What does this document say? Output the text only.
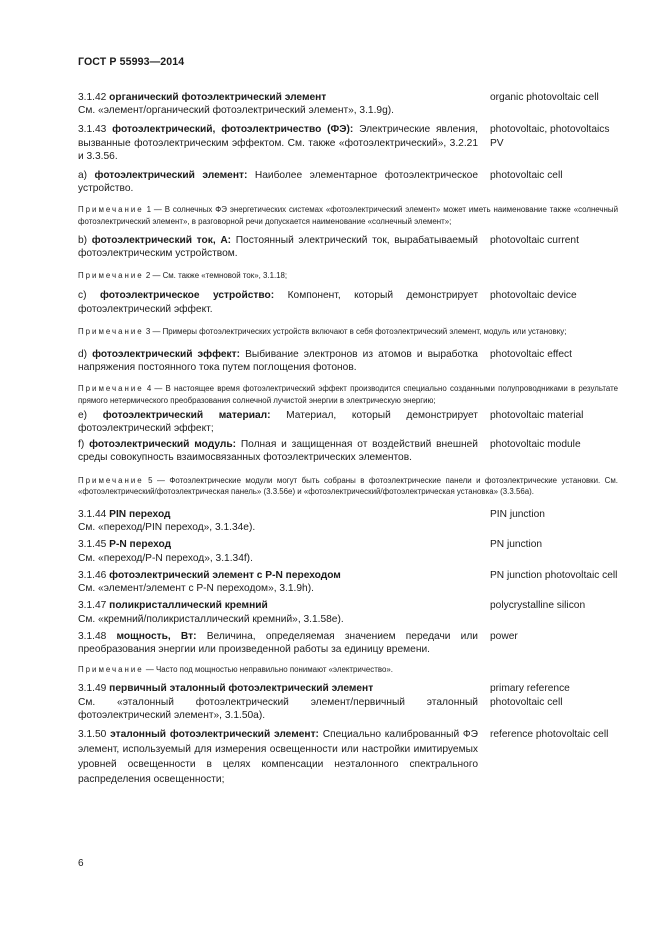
ГОСТ Р 55993—2014
3.1.42 органический фотоэлектрический элемент
См. «элемент/органический фотоэлектрический элемент», 3.1.9g).
organic photovoltaic cell
3.1.43 фотоэлектрический, фотоэлектричество (ФЭ): Электрические явления, вызванные фотоэлектрическим эффектом. См. также «фотоэлектрический», 3.2.21 и 3.3.56.
photovoltaic, photovoltaics PV
а) фотоэлектрический элемент: Наиболее элементарное фотоэлектрическое устройство.
photovoltaic cell
Примечание 1 — В солнечных ФЭ энергетических системах «фотоэлектрический элемент» может иметь наименование также «солнечный фотоэлектрический элемент», в разговорной речи допускается наименование «солнечный элемент»;
b) фотоэлектрический ток, А: Постоянный электрический ток, вырабатываемый фотоэлектрическим устройством.
photovoltaic current
Примечание 2 — См. также «темновой ток», 3.1.18;
c) фотоэлектрическое устройство: Компонент, который демонстрирует фотоэлектрический эффект.
photovoltaic device
Примечание 3 — Примеры фотоэлектрических устройств включают в себя фотоэлектрический элемент, модуль или установку;
d) фотоэлектрический эффект: Выбивание электронов из атомов и выработка напряжения постоянного тока путем поглощения фотонов.
photovoltaic effect
Примечание 4 — В настоящее время фотоэлектрический эффект производится специально созданными полупроводниками в результате прямого нетермического преобразования солнечной лучистой энергии в электрическую энергию;
e) фотоэлектрический материал: Материал, который демонстрирует фотоэлектрический эффект;
photovoltaic material
f) фотоэлектрический модуль: Полная и защищенная от воздействий внешней среды совокупность взаимосвязанных фотоэлектрических элементов.
photovoltaic module
Примечание 5 — Фотоэлектрические модули могут быть собраны в фотоэлектрические панели и фотоэлектрические установки. См. «фотоэлектрический/фотоэлектрическая панель» (3.3.56e) и «фотоэлектрический/фотоэлектрическая установка» (3.3.56a).
3.1.44 PIN переход
См. «переход/PIN переход», 3.1.34e).
PIN junction
3.1.45 P-N переход
См. «переход/P-N переход», 3.1.34f).
PN junction
3.1.46 фотоэлектрический элемент с P-N переходом
См. «элемент/элемент с P-N переходом», 3.1.9h).
PN junction photovoltaic cell
3.1.47 поликристаллический кремний
См. «кремний/поликристаллический кремний», 3.1.58e).
polycrystalline silicon
3.1.48 мощность, Вт: Величина, определяемая значением передачи или преобразования энергии или произведенной работы за единицу времени.
power
Примечание — Часто под мощностью неправильно понимают «электричество».
3.1.49 первичный эталонный фотоэлектрический элемент
См. «эталонный фотоэлектрический элемент/первичный эталонный фотоэлектрический элемент», 3.1.50a).
primary reference photovoltaic cell
3.1.50 эталонный фотоэлектрический элемент: Специально калиброванный ФЭ элемент, используемый для измерения освещенности или настройки имитируемых уровней освещенности в целях компенсации неэталонного спектрального распределения освещенности;
reference photovoltaic cell
6
